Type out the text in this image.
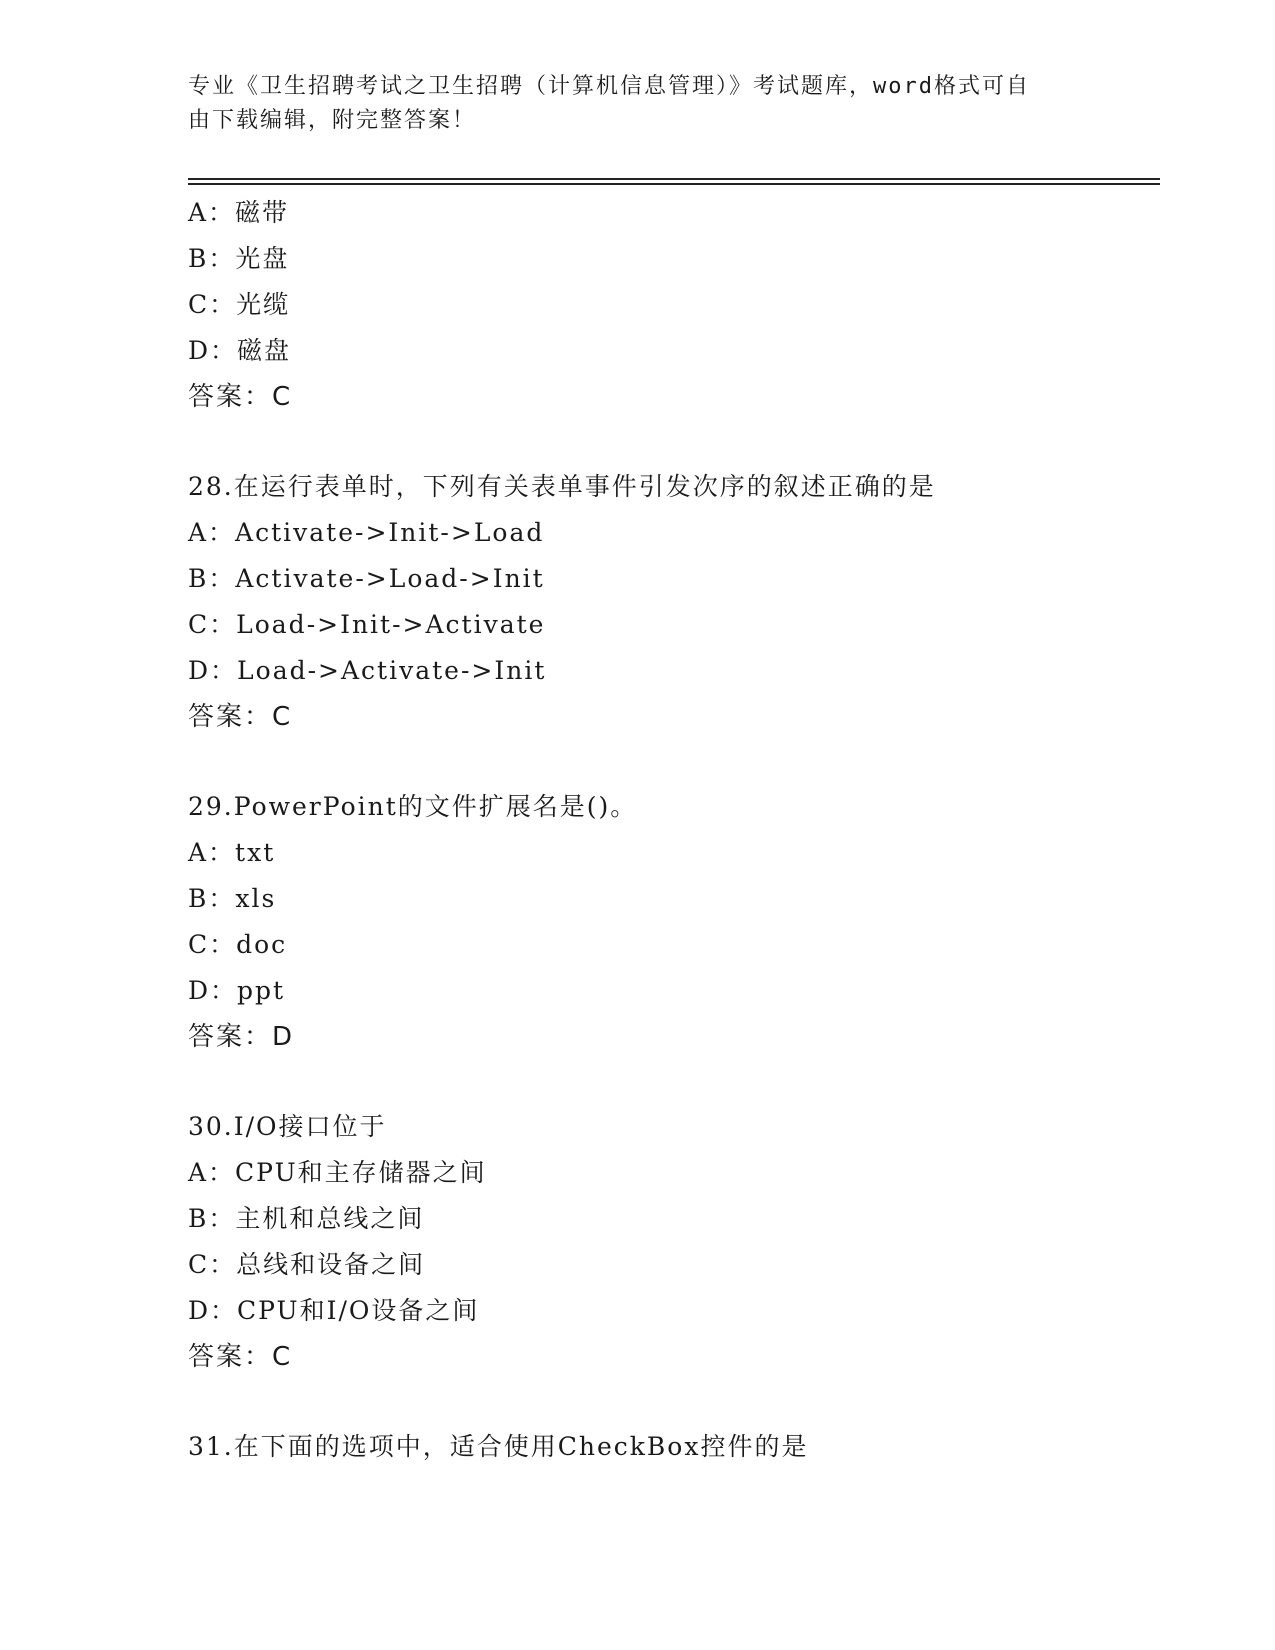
专业《卫生招聘考试之卫生招聘（计算机信息管理）》考试题库，word格式可自

由下载编辑，附完整答案！

A：磁带
B：光盘
C：光缆
D：磁盘
答案：C
28.在运行表单时，下列有关表单事件引发次序的叙述正确的是
A：Activate->Init->Load
B：Activate->Load->Init
C：Load->Init->Activate
D：Load->Activate->Init
答案：C
29.PowerPoint的文件扩展名是()。
A：txt
B：xls
C：doc
D：ppt
答案：D
30.I/O接口位于
A：CPU和主存储器之间
B：主机和总线之间
C：总线和设备之间
D：CPU和I/O设备之间
答案：C
31.在下面的选项中，适合使用CheckBox控件的是
